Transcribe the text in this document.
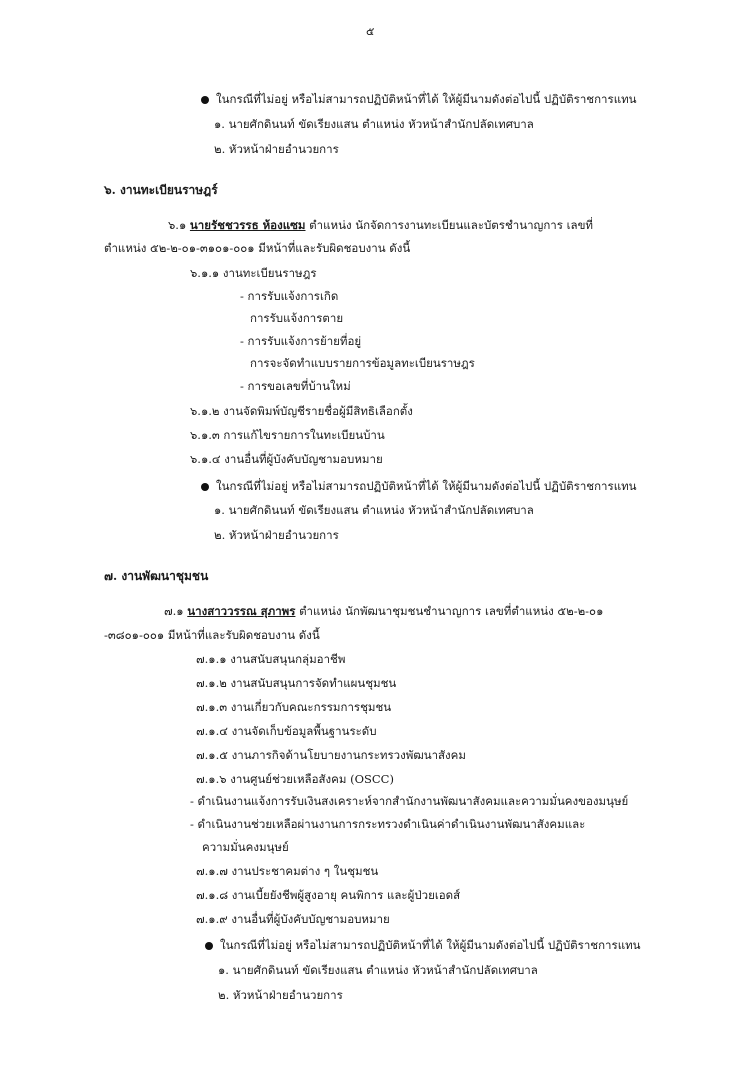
๕
ในกรณีที่ไม่อยู่ หรือไม่สามารถปฏิบัติหน้าที่ได้ ให้ผู้มีนามดังต่อไปนี้ ปฏิบัติราชการแทน
๑. นายศักดินนท์ ขัดเรียงแสน ตำแหน่ง หัวหน้าสำนักปลัดเทศบาล
๒. หัวหน้าฝ่ายอำนวยการ
๖. งานทะเบียนราษฎร์
๖.๑ นายรัชชวรรธ ห้องแซม ตำแหน่ง นักจัดการงานทะเบียนและบัตรชำนาญการ เลขที่
ตำแหน่ง ๕๒-๒-๐๑-๓๑๐๑-๐๐๑ มีหน้าที่และรับผิดชอบงาน ดังนี้
๖.๑.๑ งานทะเบียนราษฎร
- การรับแจ้งการเกิด
การรับแจ้งการตาย
- การรับแจ้งการย้ายที่อยู่
การจะจัดทำแบบรายการข้อมูลทะเบียนราษฎร
- การขอเลขที่บ้านใหม่
๖.๑.๒ งานจัดพิมพ์บัญชีรายชื่อผู้มีสิทธิเลือกตั้ง
๖.๑.๓ การแก้ไขรายการในทะเบียนบ้าน
๖.๑.๔ งานอื่นที่ผู้บังคับบัญชามอบหมาย
ในกรณีที่ไม่อยู่ หรือไม่สามารถปฏิบัติหน้าที่ได้ ให้ผู้มีนามดังต่อไปนี้ ปฏิบัติราชการแทน
๑. นายศักดินนท์ ขัดเรียงแสน ตำแหน่ง หัวหน้าสำนักปลัดเทศบาล
๒. หัวหน้าฝ่ายอำนวยการ
๗. งานพัฒนาชุมชน
๗.๑ นางสาววรรณ สุภาพร ตำแหน่ง นักพัฒนาชุมชนชำนาญการ เลขที่ตำแหน่ง ๕๒-๒-๐๑
-๓๘๐๑-๐๐๑ มีหน้าที่และรับผิดชอบงาน ดังนี้
๗.๑.๑ งานสนับสนุนกลุ่มอาชีพ
๗.๑.๒ งานสนับสนุนการจัดทำแผนชุมชน
๗.๑.๓ งานเกี่ยวกับคณะกรรมการชุมชน
๗.๑.๔ งานจัดเก็บข้อมูลพื้นฐานระดับ
๗.๑.๕ งานภารกิจด้านโยบายงานกระทรวงพัฒนาสังคม
๗.๑.๖ งานศูนย์ช่วยเหลือสังคม (OSCC)
- ดำเนินงานแจ้งการรับเงินสงเคราะห์จากสำนักงานพัฒนาสังคมและความมั่นคงของมนุษย์
- ดำเนินงานช่วยเหลือผ่านงานการกระทรวงดำเนินค่าดำเนินงานพัฒนาสังคมและ
ความมั่นคงมนุษย์
๗.๑.๗ งานประชาคมต่าง ๆ ในชุมชน
๗.๑.๘ งานเบี้ยยังชีพผู้สูงอายุ คนพิการ และผู้ป่วยเอดส์
๗.๑.๙ งานอื่นที่ผู้บังคับบัญชามอบหมาย
ในกรณีที่ไม่อยู่ หรือไม่สามารถปฏิบัติหน้าที่ได้ ให้ผู้มีนามดังต่อไปนี้ ปฏิบัติราชการแทน
๑. นายศักดินนท์ ขัดเรียงแสน ตำแหน่ง หัวหน้าสำนักปลัดเทศบาล
๒. หัวหน้าฝ่ายอำนวยการ
